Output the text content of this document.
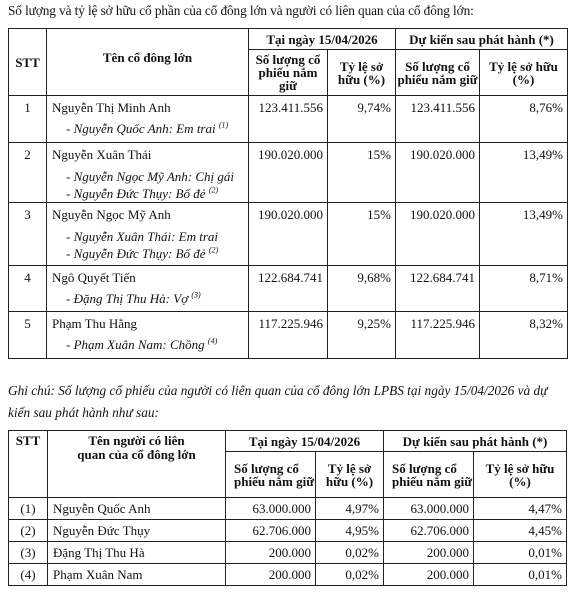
Số lượng và tỷ lệ sở hữu cổ phần của cổ đông lớn và người có liên quan của cổ đông lớn:
STT	Tên cổ đông lớn	Tại ngày 15/04/2026		Dự kiến sau phát hành (*)	
		Số lượng cổ phiếu nắm giữ	Tỷ lệ sở hữu (%)	Số lượng cổ phiếu nắm giữ	Tỷ lệ sở hữu (%)
1	Nguyễn Thị Minh Anh
- Nguyễn Quốc Anh: Em trai $^{(1)}$	123.411.556	9,74%	123.411.556	8,76%
2	Nguyễn Xuân Thái
- Nguyễn Ngọc Mỹ Anh: Chị gái
- Nguyễn Đức Thụy: Bố đẻ $^{(2)}$	190.020.000	15%	190.020.000	13,49%
3	Nguyễn Ngọc Mỹ Anh
- Nguyễn Xuân Thái: Em trai
- Nguyễn Đức Thụy: Bố đẻ $^{(2)}$	190.020.000	15%	190.020.000	13,49%
4	Ngô Quyết Tiến
- Đặng Thị Thu Hà: Vợ $^{(3)}$	122.684.741	9,68%	122.684.741	8,71%
5	Phạm Thu Hằng
- Phạm Xuân Nam: Chồng $^{(4)}$	117.225.946	9,25%	117.225.946	8,32%
Ghi chú: Số lượng cổ phiếu của người có liên quan của cổ đông lớn LPBS tại ngày 15/04/2026 và dự kiến sau phát hành như sau:
STT	Tên người có liên quan của cổ đông lớn	Tại ngày 15/04/2026		Dự kiến sau phát hành (*)	
		Số lượng cổ phiếu nắm giữ	Tỷ lệ sở hữu (%)	Số lượng cổ phiếu nắm giữ	Tỷ lệ sở hữu (%)
(1)	Nguyễn Quốc Anh	63.000.000	4,97%	63.000.000	4,47%
(2)	Nguyễn Đức Thụy	62.706.000	4,95%	62.706.000	4,45%
(3)	Đặng Thị Thu Hà	200.000	0,02%	200.000	0,01%
(4)	Phạm Xuân Nam	200.000	0,02%	200.000	0,01%
